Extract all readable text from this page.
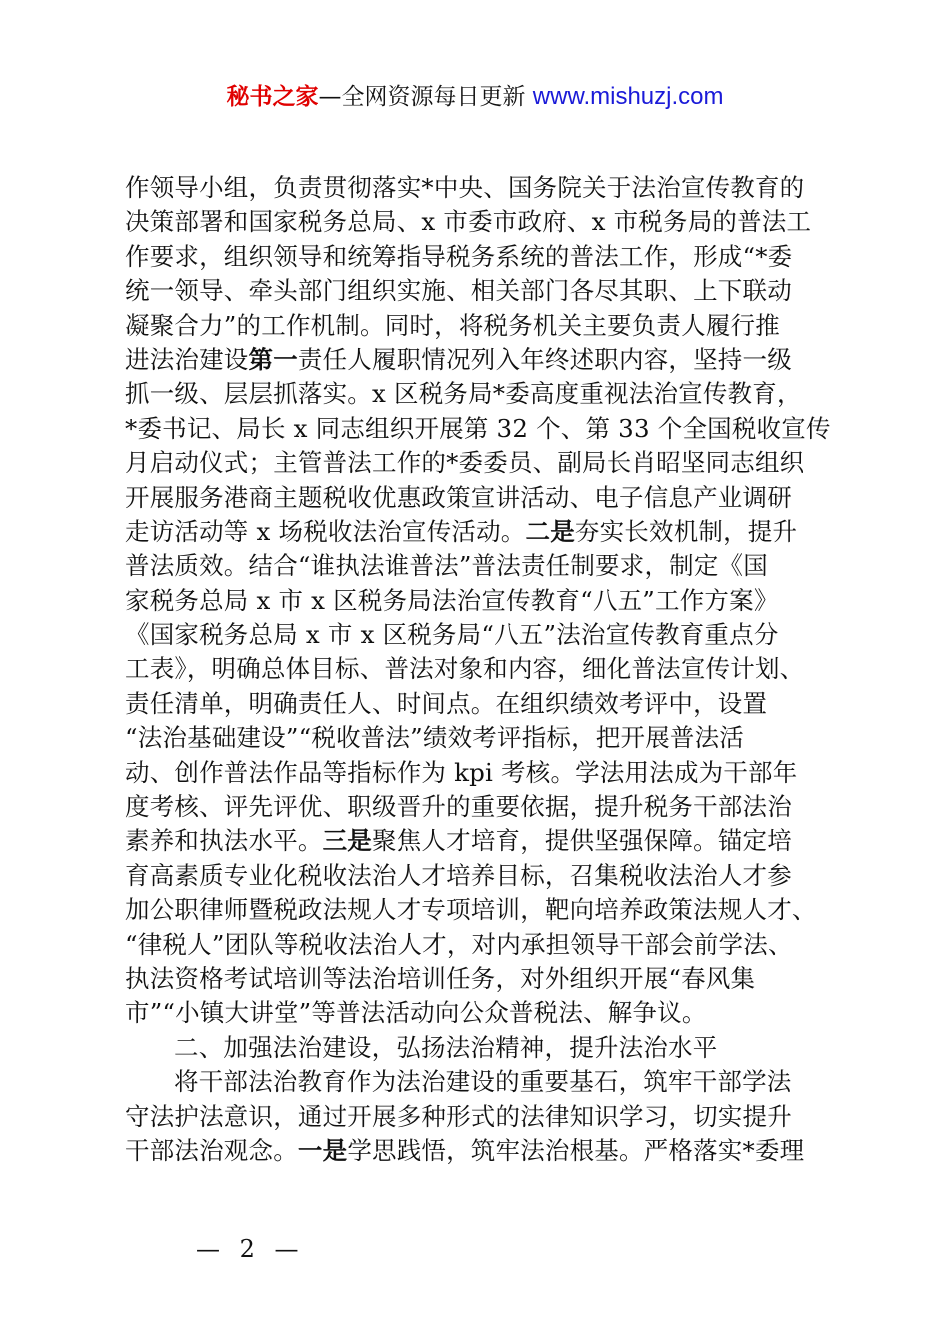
秘书之家—全网资源每日更新 www.mishuzj.com
作领导小组，负责贯彻落实*中央、国务院关于法治宣传教育的
决策部署和国家税务总局、x 市委市政府、x 市税务局的普法工
作要求，组织领导和统筹指导税务系统的普法工作，形成“*委
统一领导、牵头部门组织实施、相关部门各尽其职、上下联动
凝聚合力”的工作机制。同时，将税务机关主要负责人履行推
进法治建设第一责任人履职情况列入年终述职内容，坚持一级
抓一级、层层抓落实。x 区税务局*委高度重视法治宣传教育，
*委书记、局长 x 同志组织开展第 32 个、第 33 个全国税收宣传
月启动仪式；主管普法工作的*委委员、副局长肖昭坚同志组织
开展服务港商主题税收优惠政策宣讲活动、电子信息产业调研
走访活动等 x 场税收法治宣传活动。二是夯实长效机制，提升
普法质效。结合“谁执法谁普法”普法责任制要求，制定《国
家税务总局 x 市 x 区税务局法治宣传教育“八五”工作方案》
《国家税务总局 x 市 x 区税务局“八五”法治宣传教育重点分
工表》，明确总体目标、普法对象和内容，细化普法宣传计划、
责任清单，明确责任人、时间点。在组织绩效考评中，设置
“法治基础建设”“税收普法”绩效考评指标，把开展普法活
动、创作普法作品等指标作为 kpi 考核。学法用法成为干部年
度考核、评先评优、职级晋升的重要依据，提升税务干部法治
素养和执法水平。三是聚焦人才培育，提供坚强保障。锚定培
育高素质专业化税收法治人才培养目标，召集税收法治人才参
加公职律师暨税政法规人才专项培训，靶向培养政策法规人才、
“律税人”团队等税收法治人才，对内承担领导干部会前学法、
执法资格考试培训等法治培训任务，对外组织开展“春风集
市”“小镇大讲堂”等普法活动向公众普税法、解争议。
二、加强法治建设，弘扬法治精神，提升法治水平
将干部法治教育作为法治建设的重要基石，筑牢干部学法
守法护法意识，通过开展多种形式的法律知识学习，切实提升
干部法治观念。一是学思践悟，筑牢法治根基。严格落实*委理
— 2 —
